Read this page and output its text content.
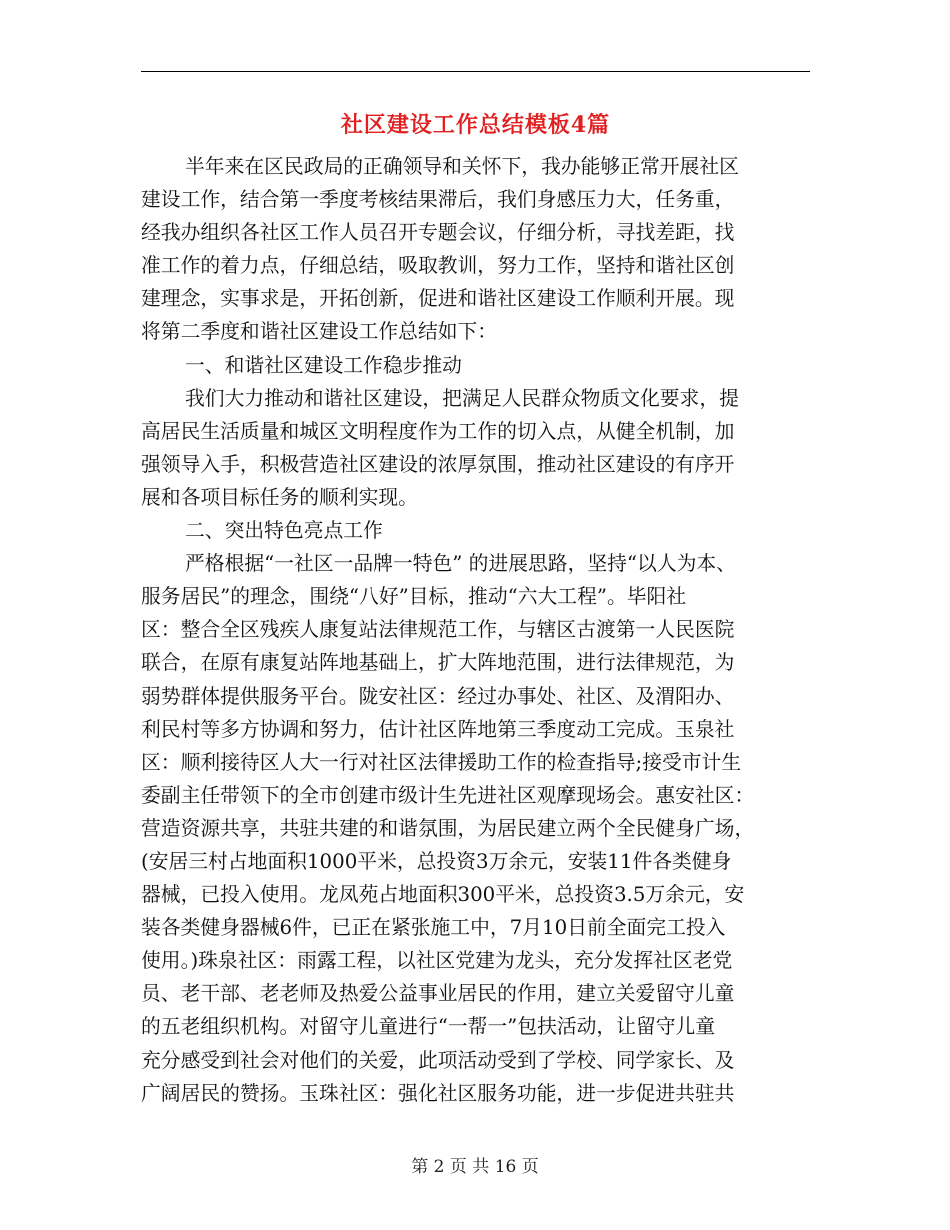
社区建设工作总结模板4篇
半年来在区民政局的正确领导和关怀下，我办能够正常开展社区
建设工作，结合第一季度考核结果滞后，我们身感压力大，任务重，
经我办组织各社区工作人员召开专题会议，仔细分析，寻找差距，找
准工作的着力点，仔细总结，吸取教训，努力工作，坚持和谐社区创
建理念，实事求是，开拓创新，促进和谐社区建设工作顺利开展。现
将第二季度和谐社区建设工作总结如下：
一、和谐社区建设工作稳步推动
我们大力推动和谐社区建设，把满足人民群众物质文化要求，提
高居民生活质量和城区文明程度作为工作的切入点，从健全机制，加
强领导入手，积极营造社区建设的浓厚氛围，推动社区建设的有序开
展和各项目标任务的顺利实现。
二、突出特色亮点工作
严格根据“一社区一品牌一特色” 的进展思路，坚持“以人为本、
服务居民”的理念，围绕“八好”目标，推动“六大工程”。毕阳社
区：整合全区残疾人康复站法律规范工作，与辖区古渡第一人民医院
联合，在原有康复站阵地基础上，扩大阵地范围，进行法律规范，为
弱势群体提供服务平台。陇安社区：经过办事处、社区、及渭阳办、
利民村等多方协调和努力，估计社区阵地第三季度动工完成。玉泉社
区：顺利接待区人大一行对社区法律援助工作的检查指导;接受市计生
委副主任带领下的全市创建市级计生先进社区观摩现场会。惠安社区：
营造资源共享，共驻共建的和谐氛围，为居民建立两个全民健身广场，
(安居三村占地面积1000平米，总投资3万余元，安装11件各类健身
器械，已投入使用。龙凤苑占地面积300平米，总投资3.5万余元，安
装各类健身器械6件，已正在紧张施工中，7月10日前全面完工投入
使用。)珠泉社区：雨露工程，以社区党建为龙头，充分发挥社区老党
员、老干部、老老师及热爱公益事业居民的作用，建立关爱留守儿童
的五老组织机构。对留守儿童进行“一帮一”包扶活动，让留守儿童
充分感受到社会对他们的关爱，此项活动受到了学校、同学家长、及
广阔居民的赞扬。玉珠社区：强化社区服务功能，进一步促进共驻共
第 2 页 共 16 页
